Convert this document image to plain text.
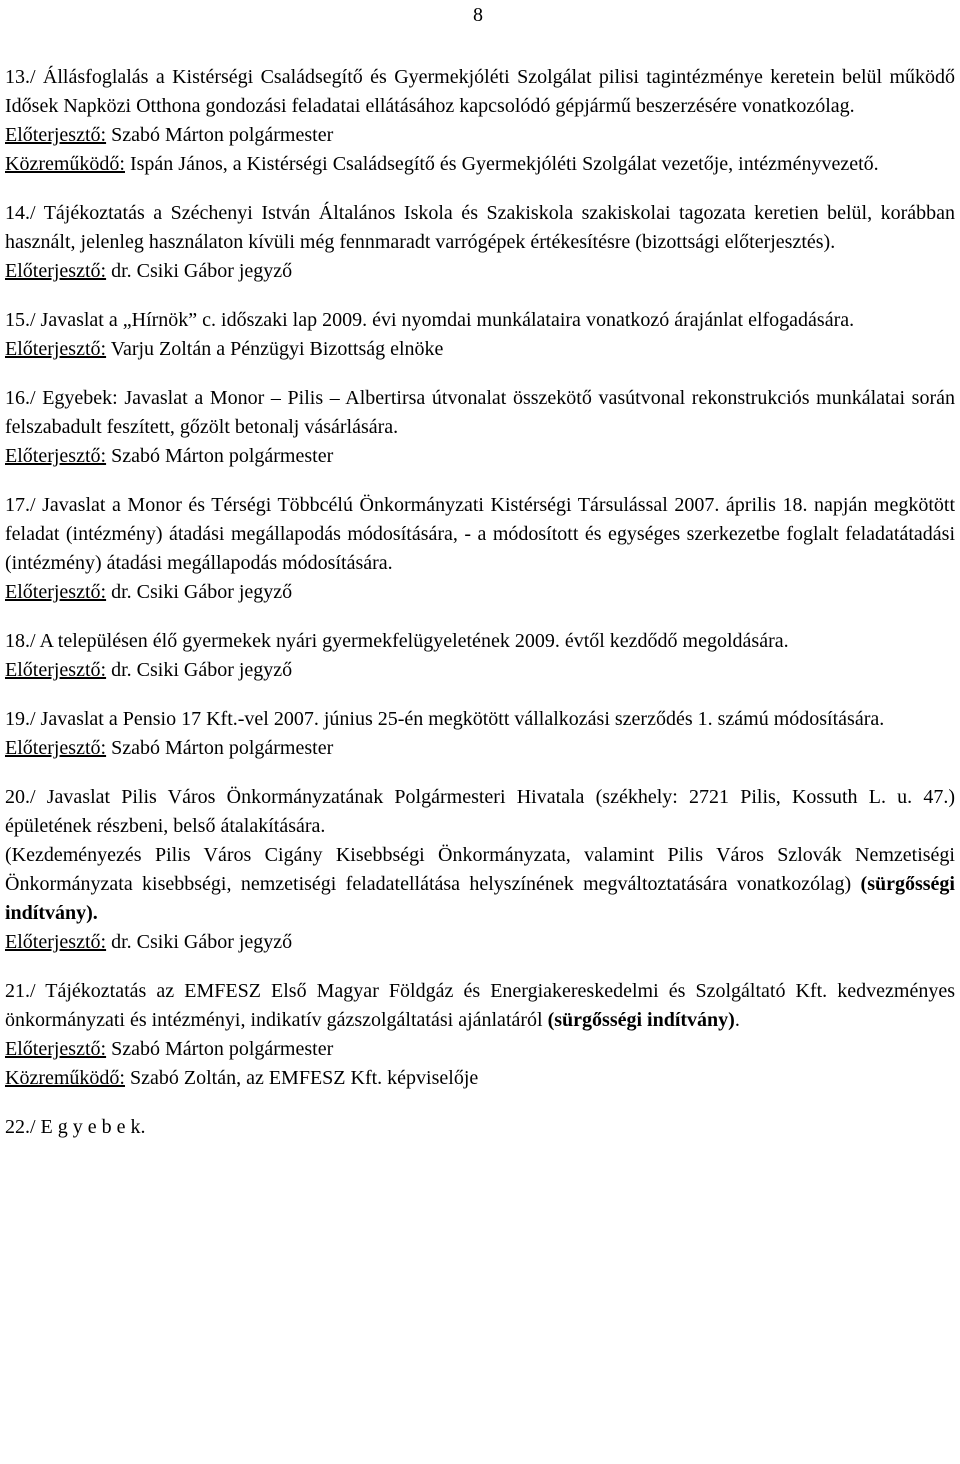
8

13./ Állásfoglalás a Kistérségi Családsegítő és Gyermekjóléti Szolgálat pilisi tagintézménye keretein belül működő Idősek Napközi Otthona gondozási feladatai ellátásához kapcsolódó gépjármű beszerzésére vonatkozólag.

Előterjesztő: Szabó Márton polgármester

Közreműködő: Ispán János, a Kistérségi Családsegítő és Gyermekjóléti Szolgálat vezetője, intézményvezető.

14./ Tájékoztatás a Széchenyi István Általános Iskola és Szakiskola szakiskolai tagozata keretien belül, korábban használt, jelenleg használaton kívüli még fennmaradt varrógépek értékesítésre (bizottsági előterjesztés).

Előterjesztő: dr. Csiki Gábor jegyző

15./ Javaslat a „Hírnök” c. időszaki lap 2009. évi nyomdai munkálataira vonatkozó árajánlat elfogadására.

Előterjesztő: Varju Zoltán a Pénzügyi Bizottság elnöke

16./ Egyebek: Javaslat a Monor – Pilis – Albertirsa útvonalat összekötő vasútvonal rekonstrukciós munkálatai során felszabadult feszített, gőzölt betonalj vásárlására.

Előterjesztő: Szabó Márton polgármester

17./ Javaslat a Monor és Térségi Többcélú Önkormányzati Kistérségi Társulással 2007. április 18. napján megkötött feladat (intézmény) átadási megállapodás módosítására, - a módosított és egységes szerkezetbe foglalt feladatátadási (intézmény) átadási megállapodás módosítására.

Előterjesztő: dr. Csiki Gábor jegyző

18./ A településen élő gyermekek nyári gyermekfelügyeletének 2009. évtől kezdődő megoldására.

Előterjesztő: dr. Csiki Gábor jegyző

19./ Javaslat a Pensio 17 Kft.-vel 2007. június 25-én megkötött vállalkozási szerződés 1. számú módosítására.

Előterjesztő: Szabó Márton polgármester

20./ Javaslat Pilis Város Önkormányzatának Polgármesteri Hivatala (székhely: 2721 Pilis, Kossuth L. u. 47.) épületének részbeni, belső átalakítására.

(Kezdeményezés Pilis Város Cigány Kisebbségi Önkormányzata, valamint Pilis Város Szlovák Nemzetiségi Önkormányzata kisebbségi, nemzetiségi feladatellátása helyszínének megváltoztatására vonatkozólag) (sürgősségi indítvány).

Előterjesztő: dr. Csiki Gábor jegyző

21./ Tájékoztatás az EMFESZ Első Magyar Földgáz és Energiakereskedelmi és Szolgáltató Kft. kedvezményes önkormányzati és intézményi, indikatív gázszolgáltatási ajánlatáról (sürgősségi indítvány).

Előterjesztő: Szabó Márton polgármester

Közreműködő: Szabó Zoltán, az EMFESZ Kft. képviselője

22./ E g y e b e k.
